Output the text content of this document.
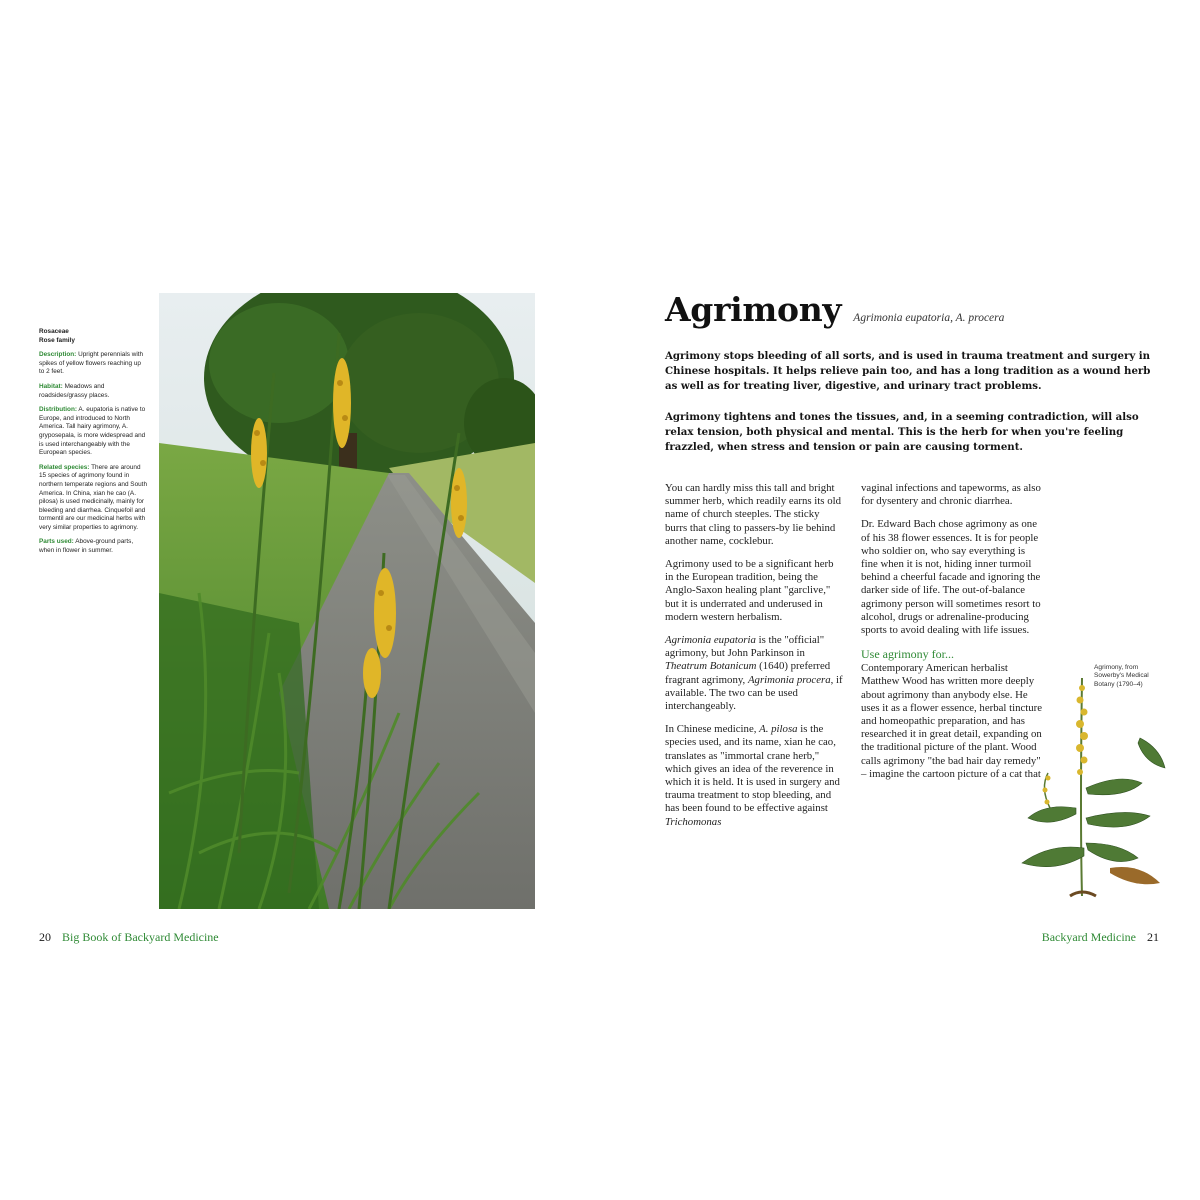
Rosaceae
Rose family
Description: Upright perennials with spikes of yellow flowers reaching up to 2 feet.
Habitat: Meadows and roadsides/grassy places.
Distribution: A. eupatoria is native to Europe, and introduced to North America. Tall hairy agrimony, A. gryposepala, is more widespread and is used interchangeably with the European species.
Related species: There are around 15 species of agrimony found in northern temperate regions and South America. In China, xian he cao (A. pilosa) is used medicinally, mainly for bleeding and diarrhea. Cinquefoil and tormentil are our medicinal herbs with very similar properties to agrimony.
Parts used: Above-ground parts, when in flower in summer.
20 Big Book of Backyard Medicine
Agrimony Agrimonia eupatoria, A. procera

Agrimony stops bleeding of all sorts, and is used in trauma treatment and surgery in Chinese hospitals. It helps relieve pain too, and has a long tradition as a wound herb as well as for treating liver, digestive, and urinary tract problems.

Agrimony tightens and tones the tissues, and, in a seeming contradiction, will also relax tension, both physical and mental. This is the herb for when you're feeling frazzled, when stress and tension or pain are causing torment.

You can hardly miss this tall and bright summer herb, which readily earns its old name of church steeples. The sticky burrs that cling to passers-by lie behind another name, cocklebur.

Agrimony used to be a significant herb in the European tradition, being the Anglo-Saxon healing plant "garclive," but it is underrated and underused in modern western herbalism.

Agrimonia eupatoria is the "official" agrimony, but John Parkinson in Theatrum Botanicum (1640) preferred fragrant agrimony, Agrimonia procera, if available. The two can be used interchangeably.

In Chinese medicine, A. pilosa is the species used, and its name, xian he cao, translates as "immortal crane herb," which gives an idea of the reverence in which it is held. It is used in surgery and trauma treatment to stop bleeding, and has been found to be effective against Trichomonas

vaginal infections and tapeworms, as also for dysentery and chronic diarrhea.

Dr. Edward Bach chose agrimony as one of his 38 flower essences. It is for people who soldier on, who say everything is fine when it is not, hiding inner turmoil behind a cheerful facade and ignoring the darker side of life. The out-of-balance agrimony person will sometimes resort to alcohol, drugs or adrenaline-producing sports to avoid dealing with life issues.

Use agrimony for...

Contemporary American herbalist Matthew Wood has written more deeply about agrimony than anybody else. He uses it as a flower essence, herbal tincture and homeopathic preparation, and has researched it in great detail, expanding on the traditional picture of the plant. Wood calls agrimony "the bad hair day remedy" – imagine the cartoon picture of a cat that

Agrimony, from Sowerby's Medical Botany (1790–4)
Backyard Medicine 21
